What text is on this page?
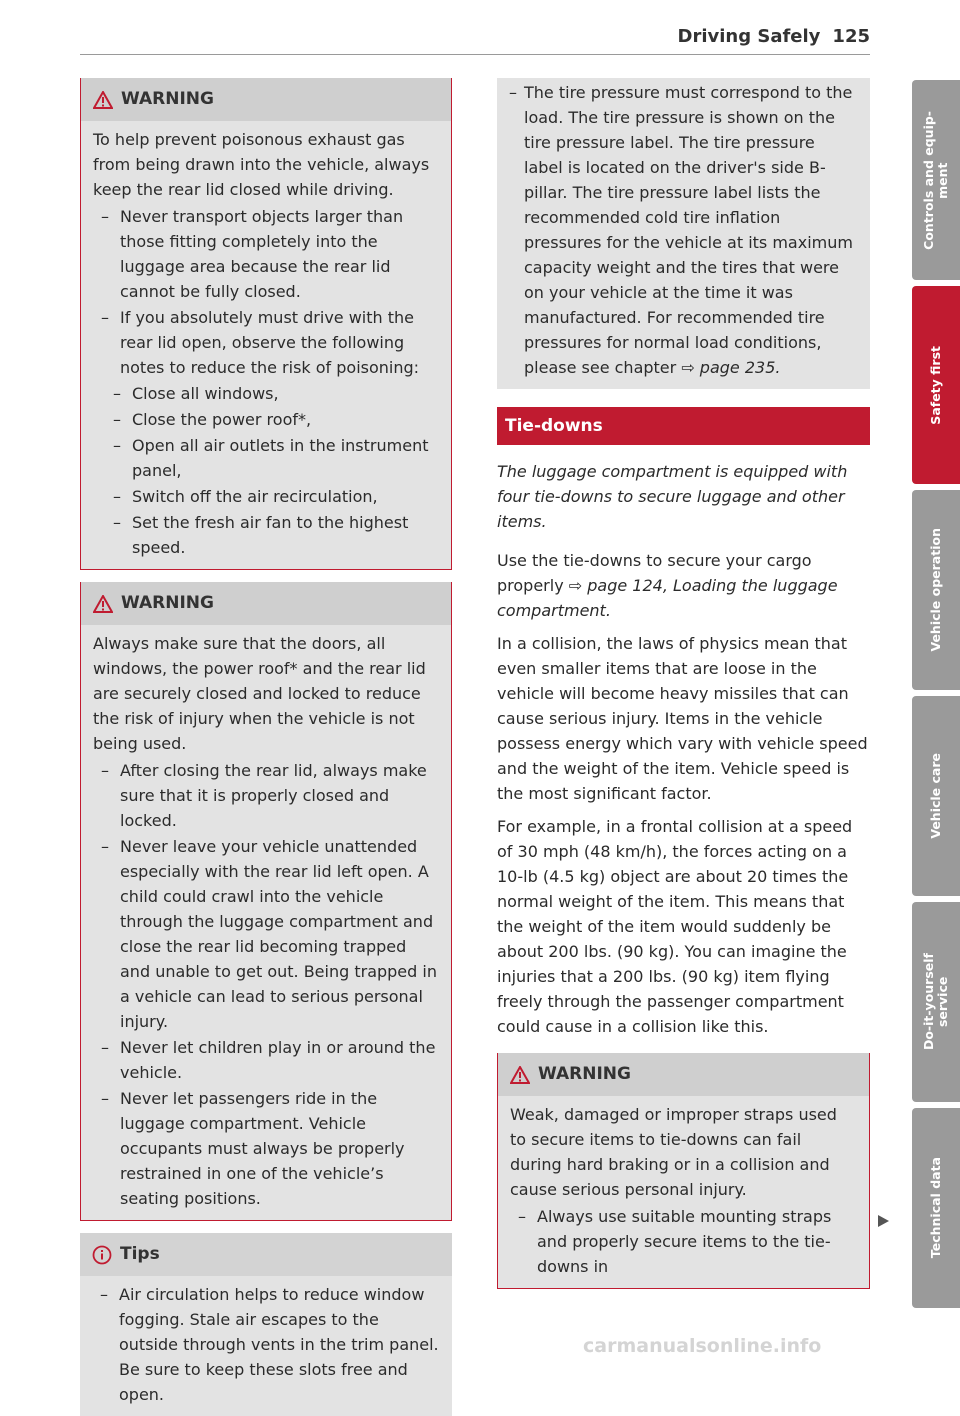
Driving Safely 125
WARNING

To help prevent poisonous exhaust gas from being drawn into the vehicle, always keep the rear lid closed while driving.

– Never transport objects larger than those fitting completely into the luggage area because the rear lid cannot be fully closed.
– If you absolutely must drive with the rear lid open, observe the following notes to reduce the risk of poisoning:
– Close all windows,
– Close the power roof*,
– Open all air outlets in the instrument panel,
– Switch off the air recirculation,
– Set the fresh air fan to the highest speed.
WARNING

Always make sure that the doors, all windows, the power roof* and the rear lid are securely closed and locked to reduce the risk of injury when the vehicle is not being used.

– After closing the rear lid, always make sure that it is properly closed and locked.
– Never leave your vehicle unattended especially with the rear lid left open. A child could crawl into the vehicle through the luggage compartment and close the rear lid becoming trapped and unable to get out. Being trapped in a vehicle can lead to serious personal injury.
– Never let children play in or around the vehicle.
– Never let passengers ride in the luggage compartment. Vehicle occupants must always be properly restrained in one of the vehicle’s seating positions.
Tips
– Air circulation helps to reduce window fogging. Stale air escapes to the outside through vents in the trim panel. Be sure to keep these slots free and open.
– The tire pressure must correspond to the load. The tire pressure is shown on the tire pressure label. The tire pressure label is located on the driver's side B-pillar. The tire pressure label lists the recommended cold tire inflation pressures for the vehicle at its maximum capacity weight and the tires that were on your vehicle at the time it was manufactured. For recommended tire pressures for normal load conditions, please see chapter ⇨ page 235.
Tie-downs

The luggage compartment is equipped with four tie-downs to secure luggage and other items.

Use the tie-downs to secure your cargo properly ⇨ page 124, Loading the luggage compartment.

In a collision, the laws of physics mean that even smaller items that are loose in the vehicle will become heavy missiles that can cause serious injury. Items in the vehicle possess energy which vary with vehicle speed and the weight of the item. Vehicle speed is the most significant factor.

For example, in a frontal collision at a speed of 30 mph (48 km/h), the forces acting on a 10-lb (4.5 kg) object are about 20 times the normal weight of the item. This means that the weight of the item would suddenly be about 200 lbs. (90 kg). You can imagine the injuries that a 200 lbs. (90 kg) item flying freely through the passenger compartment could cause in a collision like this.

WARNING

Weak, damaged or improper straps used to secure items to tie-downs can fail during hard braking or in a collision and cause serious personal injury.

– Always use suitable mounting straps and properly secure items to the tie-downs in
Controls and equip-
ment
Safety first
Vehicle operation
Vehicle care
Do-it-yourself
service
Technical data
carmanualsonline.info
